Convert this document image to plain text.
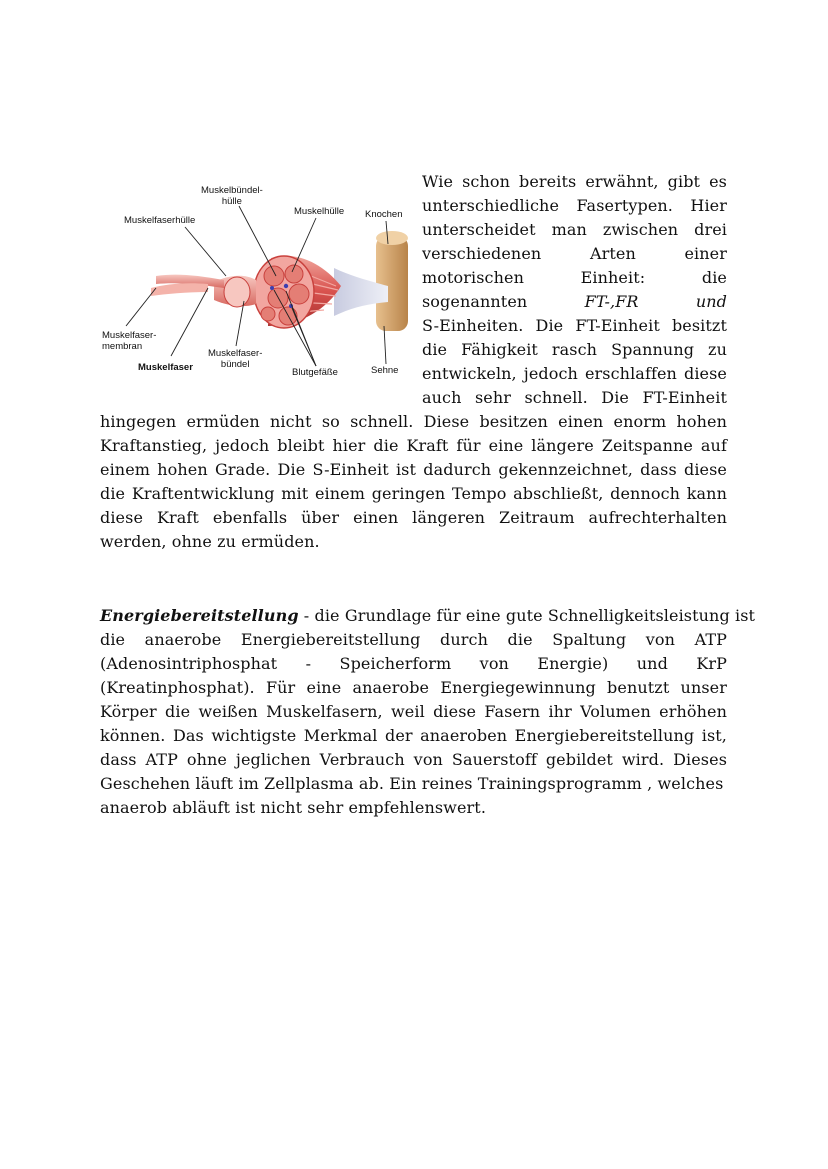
Muskelbündel-
hülle
Muskelfaserhülle
Muskelhülle Knochen
Muskelfaser-
membran
Muskelfaser
Muskelfaser-
bündel
Blutgefäße	Sehne
Wie schon bereits erwähnt, gibt es
unterschiedliche Fasertypen. Hier
unterscheidet man zwischen drei
verschiedenen Arten einer
motorischen Einheit: die
sogenannten	FT-,FR	und
S-Einheiten. Die FT-Einheit besitzt
die Fähigkeit rasch Spannung zu
entwickeln, jedoch erschlaffen diese
auch sehr schnell. Die FT-Einheit
hingegen ermüden nicht so schnell. Diese besitzen einen enorm hohen
Kraftanstieg, jedoch bleibt hier die Kraft für eine längere Zeitspanne auf
einem hohen Grade. Die S-Einheit ist dadurch gekennzeichnet, dass diese
die Kraftentwicklung mit einem geringen Tempo abschließt, dennoch kann
diese Kraft ebenfalls über einen längeren Zeitraum aufrechterhalten
werden, ohne zu ermüden.
Energiebereitstellung - die Grundlage für eine gute Schnelligkeitsleistung ist
die anaerobe Energiebereitstellung durch die Spaltung von ATP
(Adenosintriphosphat - Speicherform von Energie) und KrP
(Kreatinphosphat). Für eine anaerobe Energiegewinnung benutzt unser
Körper die weißen Muskelfasern, weil diese Fasern ihr Volumen erhöhen
können. Das wichtigste Merkmal der anaeroben Energiebereitstellung ist,
dass ATP ohne jeglichen Verbrauch von Sauerstoff gebildet wird. Dieses
Geschehen läuft im Zellplasma ab. Ein reines Trainingsprogramm , welches
anaerob abläuft ist nicht sehr empfehlenswert.
